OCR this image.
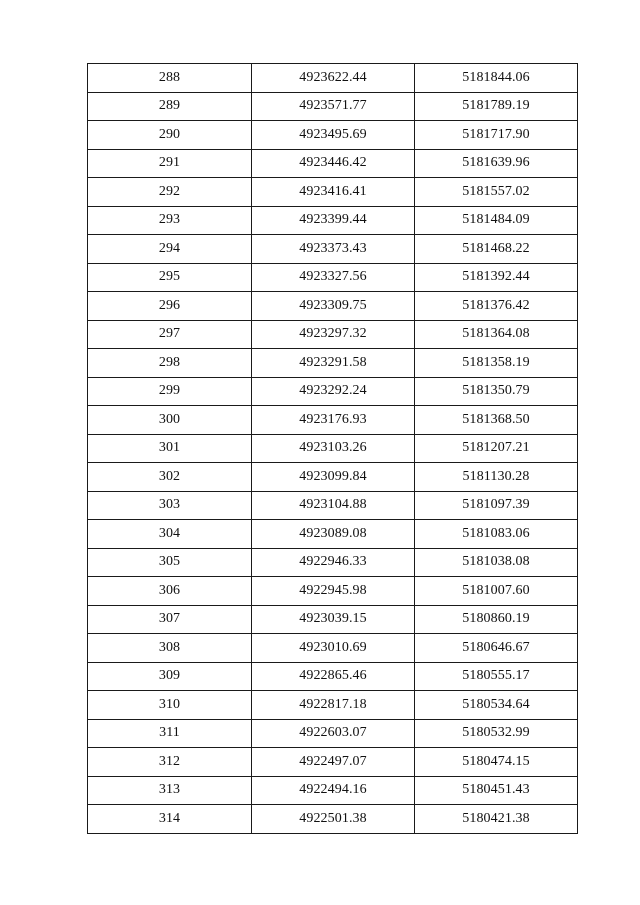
288	4923622.44	5181844.06
289	4923571.77	5181789.19
290	4923495.69	5181717.90
291	4923446.42	5181639.96
292	4923416.41	5181557.02
293	4923399.44	5181484.09
294	4923373.43	5181468.22
295	4923327.56	5181392.44
296	4923309.75	5181376.42
297	4923297.32	5181364.08
298	4923291.58	5181358.19
299	4923292.24	5181350.79
300	4923176.93	5181368.50
301	4923103.26	5181207.21
302	4923099.84	5181130.28
303	4923104.88	5181097.39
304	4923089.08	5181083.06
305	4922946.33	5181038.08
306	4922945.98	5181007.60
307	4923039.15	5180860.19
308	4923010.69	5180646.67
309	4922865.46	5180555.17
310	4922817.18	5180534.64
311	4922603.07	5180532.99
312	4922497.07	5180474.15
313	4922494.16	5180451.43
314	4922501.38	5180421.38
